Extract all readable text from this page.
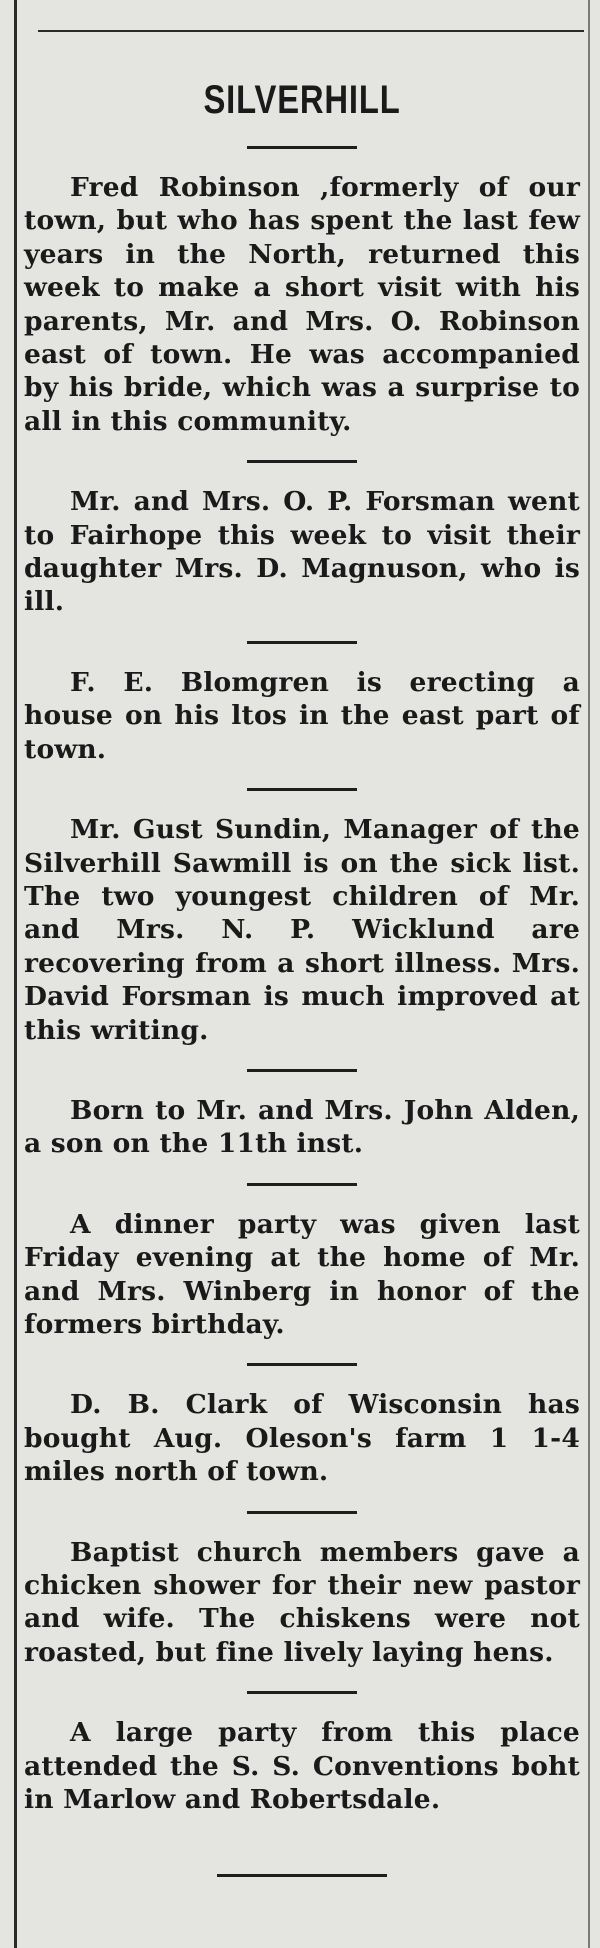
SILVERHILL

Fred Robinson ,formerly of our town, but who has spent the last few years in the North, returned this week to make a short visit with his parents, Mr. and Mrs. O. Robinson east of town. He was accompanied by his bride, which was a surprise to all in this community.

Mr. and Mrs. O. P. Forsman went to Fairhope this week to visit their daughter Mrs. D. Magnuson, who is ill.

F. E. Blomgren is erecting a house on his ltos in the east part of town.

Mr. Gust Sundin, Manager of the Silverhill Sawmill is on the sick list. The two youngest children of Mr. and Mrs. N. P. Wicklund are recovering from a short illness. Mrs. David Forsman is much improved at this writing.

Born to Mr. and Mrs. John Alden, a son on the 11th inst.

A dinner party was given last Friday evening at the home of Mr. and Mrs. Winberg in honor of the formers birthday.

D. B. Clark of Wisconsin has bought Aug. Oleson's farm 1 1-4 miles north of town.

Baptist church members gave a chicken shower for their new pastor and wife. The chiskens were not roasted, but fine lively laying hens.

A large party from this place attended the S. S. Conventions boht in Marlow and Robertsdale.
